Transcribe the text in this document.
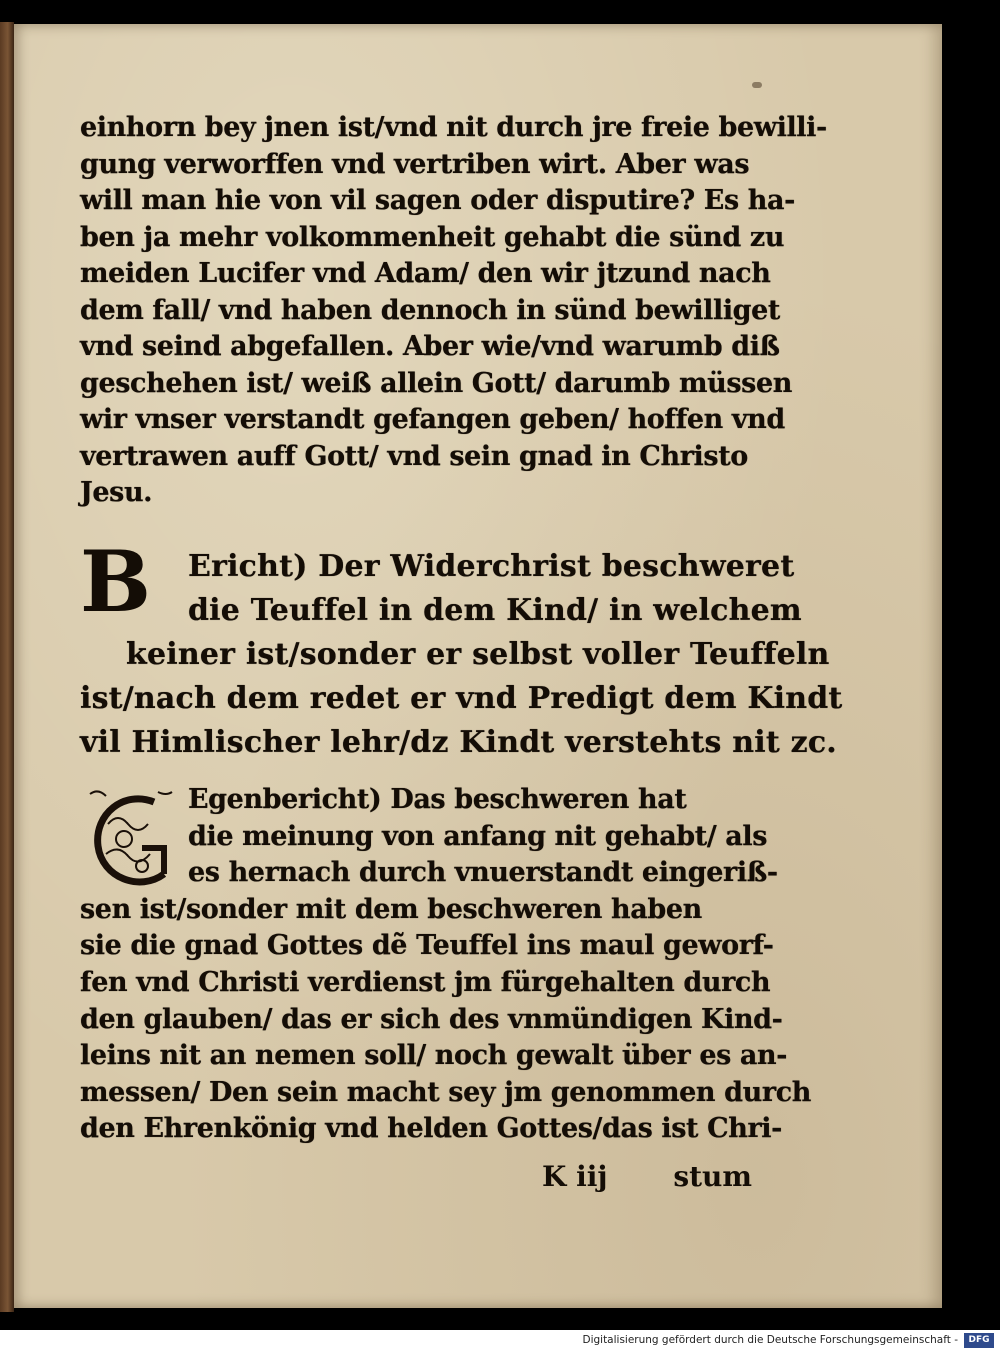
einhorn bey jnen ist/vnd nit durch jre freie bewilli-
gung verworffen vnd vertriben wirt. Aber was
will man hie von vil sagen oder disputire? Es ha-
ben ja mehr volkommenheit gehabt die sünd zu
meiden Lucifer vnd Adam/ den wir jtzund nach
dem fall/ vnd haben dennoch in sünd bewilliget
vnd seind abgefallen. Aber wie/vnd warumb diß
geschehen ist/ weiß allein Gott/ darumb müssen
wir vnser verstandt gefangen geben/ hoffen vnd
vertrawen auff Gott/ vnd sein gnad in Christo
Jesu.
B	Ericht) Der Widerchrist beschweret
die Teuffel in dem Kind/ in welchem
keiner ist/sonder er selbst voller Teuffeln
ist/nach dem redet er vnd Predigt dem Kindt
vil Himlischer lehr/dz Kindt verstehts nit zc.
G
Egenbericht) Das beschweren hat
die meinung von anfang nit gehabt/ als
es hernach durch vnuerstandt eingeriß-
sen ist/sonder mit dem beschweren haben
sie die gnad Gottes dẽ Teuffel ins maul geworf-
fen vnd Christi verdienst jm fürgehalten durch
den glauben/ das er sich des vnmündigen Kind-
leins nit an nemen soll/ noch gewalt über es an-
messen/ Den sein macht sey jm genommen durch
den Ehrenkönig vnd helden Gottes/das ist Chri-
K iij stum
Digitalisierung gefördert durch die Deutsche Forschungsgemeinschaft -	DFG
